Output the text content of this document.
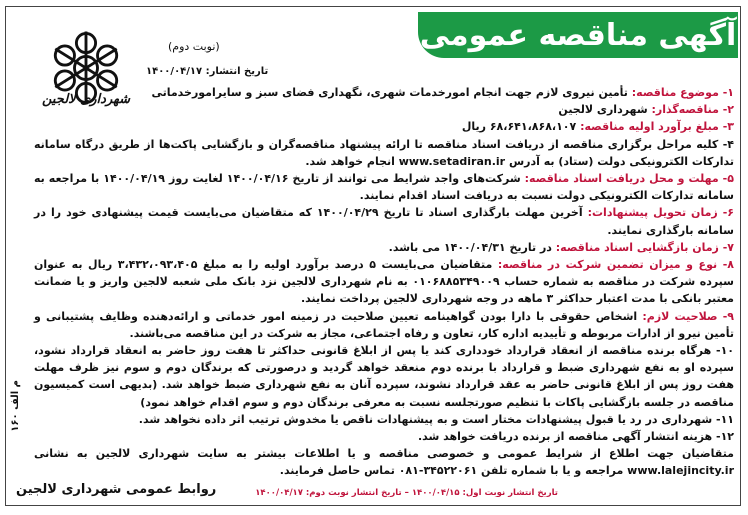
آگهی مناقصه عمومی
شهرداری لالجین
(نوبت دوم)
تاریخ انتشار: ۱۴۰۰/۰۴/۱۷

۱- موضوع مناقصه: تأمین نیروی لازم جهت انجام امورخدمات شهری، نگهداری فضای سبز و سایرامورخدماتی

۲- مناقصه‌گذار: شهرداری لالجین

۳- مبلغ برآورد اولیه مناقصه: ۶۸،۶۴۱،۸۶۸،۱۰۷ ریال

۴- کلیه مراحل برگزاری مناقصه از دریافت اسناد مناقصه تا ارائه پیشنهاد مناقصه‌گران و بازگشایی پاکت‌ها از طریق درگاه سامانه تدارکات الکترونیکی دولت (ستاد) به آدرس www.setadiran.ir انجام خواهد شد.

۵- مهلت و محل دریافت اسناد مناقصه: شرکت‌های واجد شرایط می توانند از تاریخ ۱۴۰۰/۰۴/۱۶ لغایت روز ۱۴۰۰/۰۴/۱۹ با مراجعه به سامانه تدارکات الکترونیکی دولت نسبت به دریافت اسناد اقدام نمایند.

۶- زمان تحویل پیشنهادات: آخرین مهلت بارگذاری اسناد تا تاریخ ۱۴۰۰/۰۴/۲۹ که متقاضیان می‌بایست قیمت پیشنهادی خود را در سامانه بارگذاری نمایند.

۷- زمان بازگشایی اسناد مناقصه: در تاریخ ۱۴۰۰/۰۴/۳۱ می باشد.

۸- نوع و میزان تضمین شرکت در مناقصه: متقاضیان می‌بایست ۵ درصد برآورد اولیه را به مبلغ ۳،۴۳۲،۰۹۳،۴۰۵ ریال به عنوان سپرده شرکت در مناقصه به شماره حساب ۰۱۰۶۸۸۵۳۴۹۰۰۹ به نام شهرداری لالجین نزد بانک ملی شعبه لالجین واریز و یا ضمانت معتبر بانکی با مدت اعتبار حداکثر ۳ ماهه در وجه شهرداری لالجین پرداخت نمایند.

۹- صلاحیت لازم: اشخاص حقوقی با دارا بودن گواهینامه تعیین صلاحیت در زمینه امور خدماتی و ارائه‌دهنده وظایف پشتیبانی و تأمین نیرو از ادارات مربوطه و تأییدیه اداره کار، تعاون و رفاه اجتماعی، مجاز به شرکت در این مناقصه می‌باشند.

۱۰- هرگاه برنده مناقصه از انعقاد قرارداد خودداری کند یا پس از ابلاغ قانونی حداکثر تا هفت روز حاضر به انعقاد قرارداد نشود، سپرده او به نفع شهرداری ضبط و قرارداد با برنده دوم منعقد خواهد گردید و درصورتی که برندگان دوم و سوم نیز ظرف مهلت هفت روز پس از ابلاغ قانونی حاضر به عقد قرارداد نشوند، سپرده آنان به نفع شهرداری ضبط خواهد شد. (بدیهی است کمیسیون مناقصه در جلسه بازگشایی پاکات با تنظیم صورتجلسه نسبت به معرفی برندگان دوم و سوم اقدام خواهد نمود)

۱۱- شهرداری در رد یا قبول پیشنهادات مختار است و به پیشنهادات ناقص یا مخدوش ترتیب اثر داده نخواهد شد.

۱۲- هزینه انتشار آگهی مناقصه از برنده دریافت خواهد شد.

متقاضیان جهت اطلاع از شرایط عمومی و خصوصی مناقصه و یا اطلاعات بیشتر به سایت شهرداری لالجین به نشانی www.lalejincity.ir مراجعه و یا با شماره تلفن ۳۴۵۲۲۰۶۱-۰۸۱ تماس حاصل فرمایند.

م الف ۱۶۰
روابط عمومی شهرداری لالجین	تاریخ انتشار نوبت اول: ۱۴۰۰/۰۴/۱۵ – تاریخ انتشار نوبت دوم: ۱۴۰۰/۰۴/۱۷
